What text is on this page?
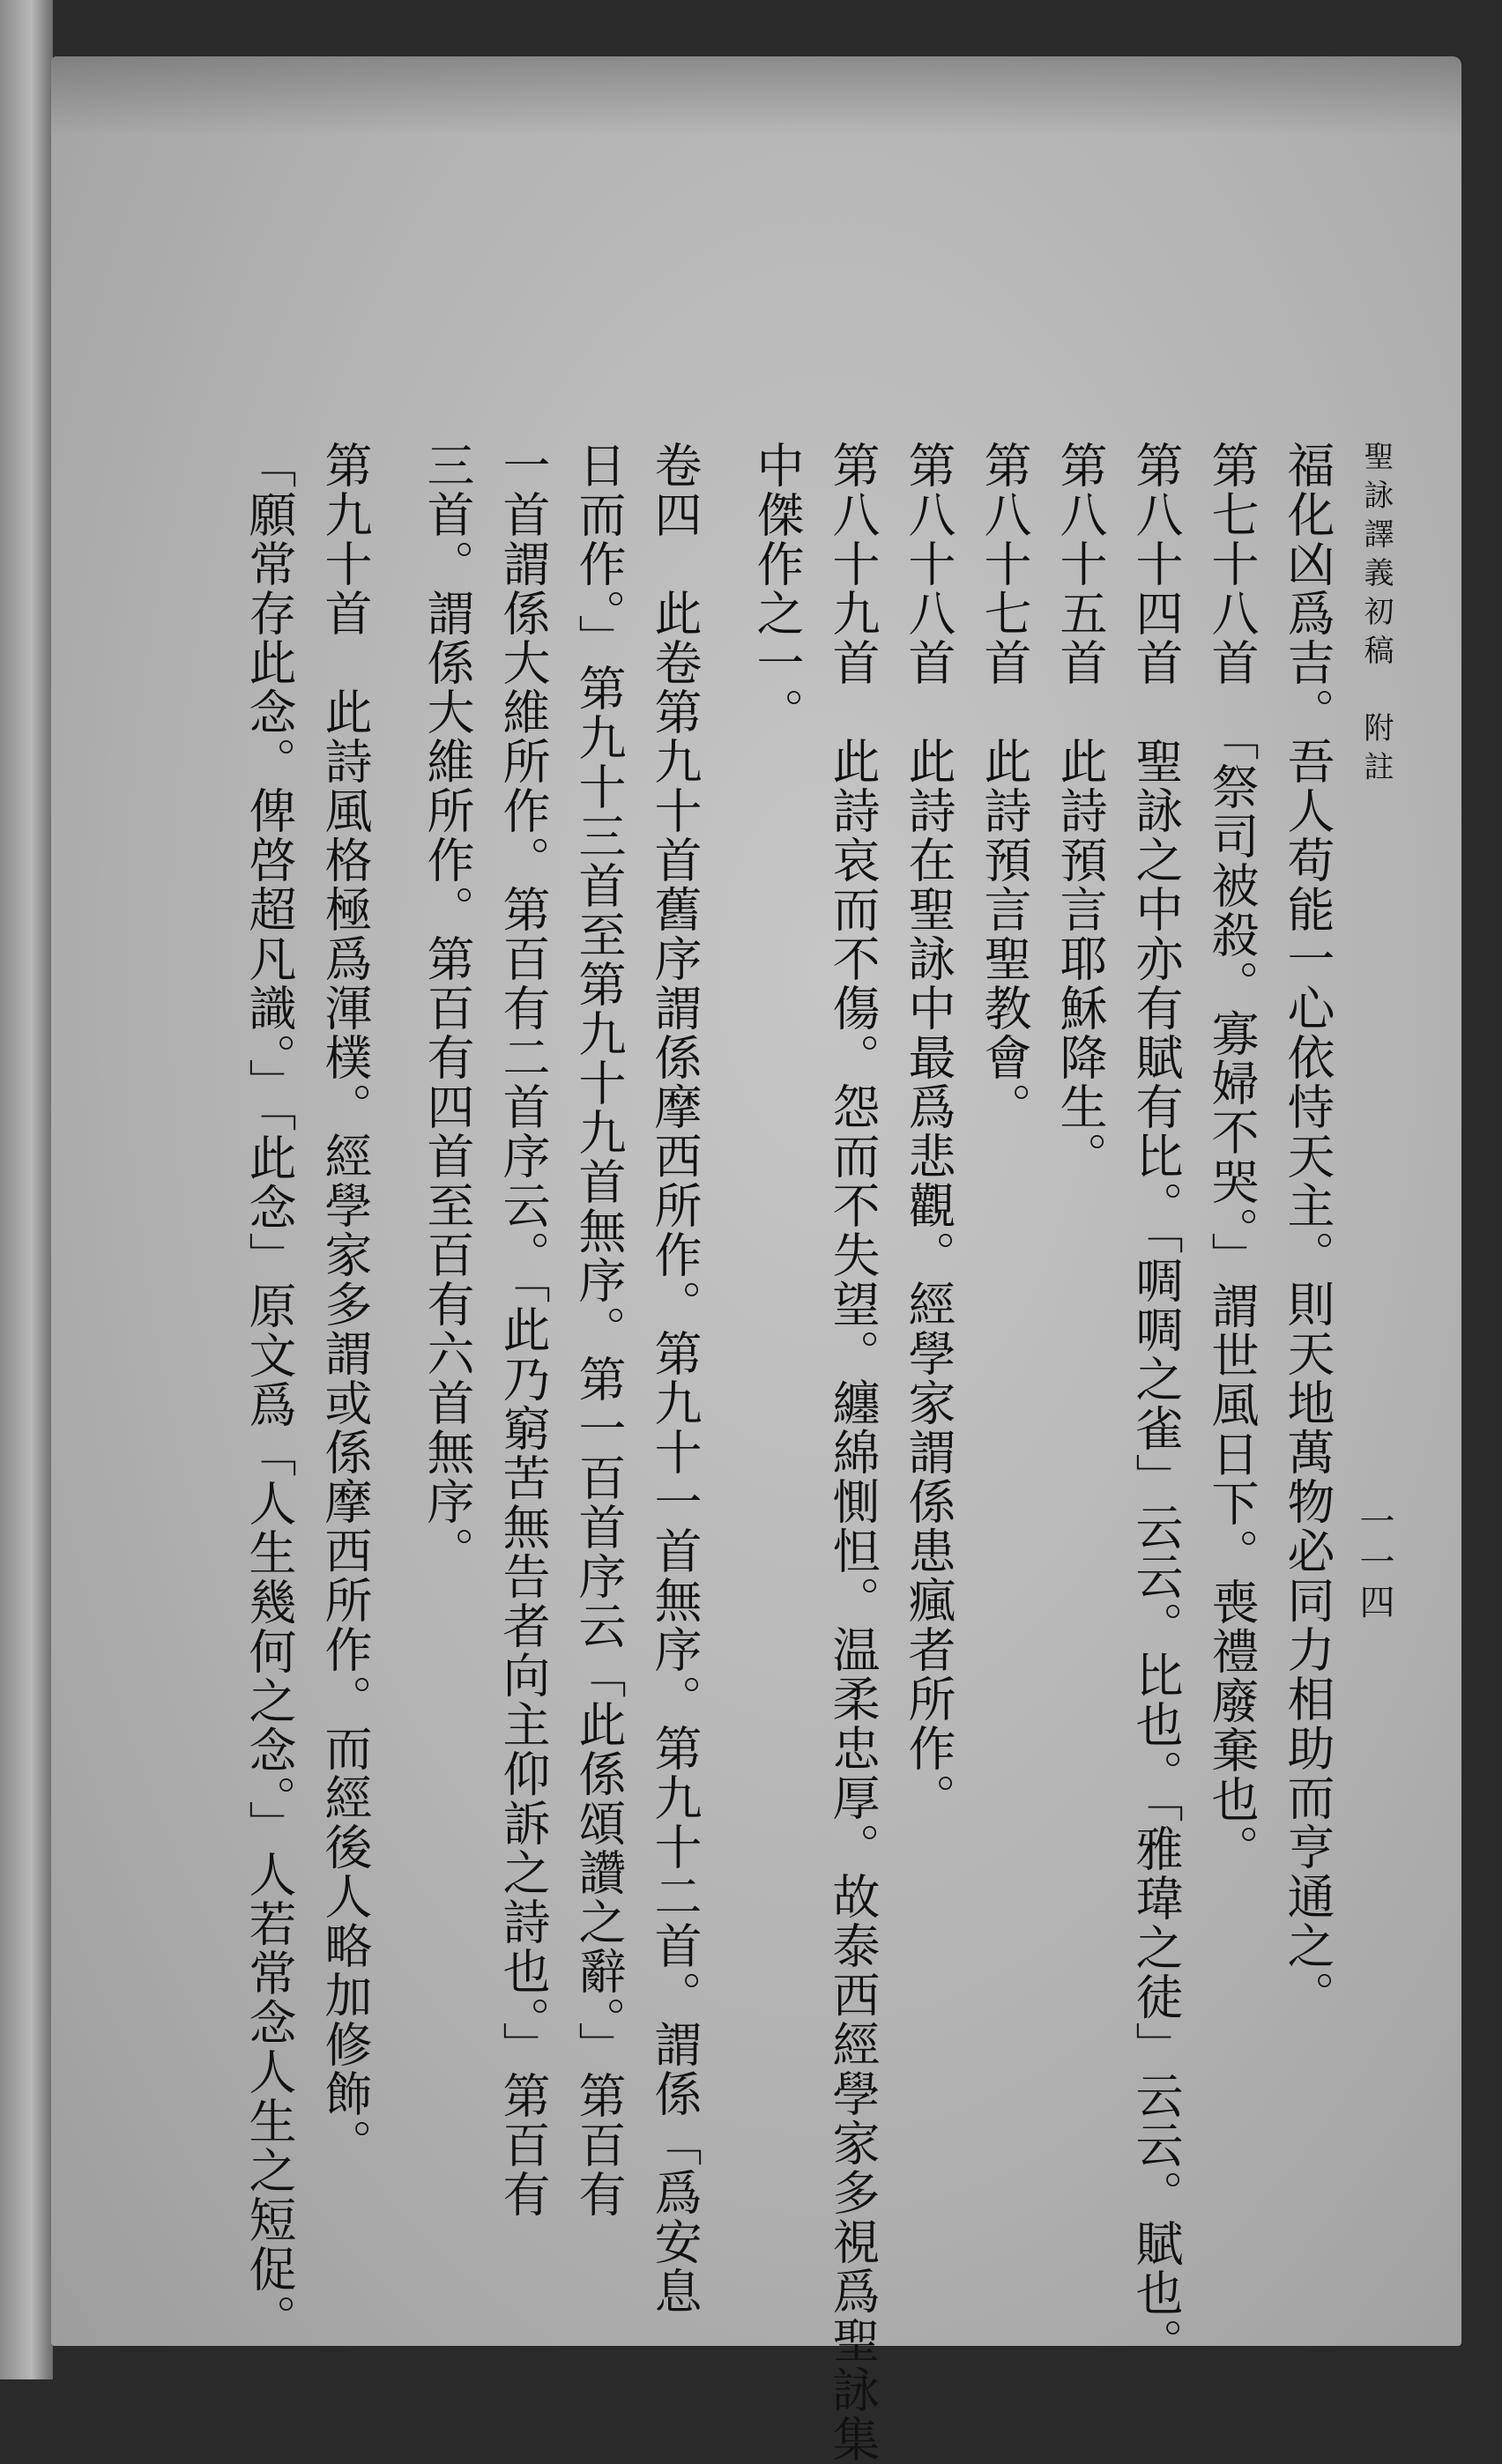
聖詠譯義初稿　附註
福化凶爲吉。吾人苟能一心依恃天主。則天地萬物必同力相助而亨通之。
第七十八首　「祭司被殺。寡婦不哭。」謂世風日下。喪禮廢棄也。
第八十四首　聖詠之中亦有賦有比。「啁啁之雀」云云。比也。「雅瑋之徒」云云。賦也。
第八十五首　此詩預言耶穌降生。
第八十七首　此詩預言聖教會。
第八十八首　此詩在聖詠中最爲悲觀。經學家謂係患瘋者所作。
第八十九首　此詩哀而不傷。怨而不失望。纏綿惻怛。温柔忠厚。故泰西經學家多視爲聖詠集
中傑作之一。
卷四　此卷第九十首舊序謂係摩西所作。第九十一首無序。第九十二首。謂係「爲安息
日而作。」第九十三首至第九十九首無序。第一百首序云「此係頌讚之辭。」第百有
一首謂係大維所作。第百有二首序云。「此乃窮苦無告者向主仰訴之詩也。」第百有
三首。謂係大維所作。第百有四首至百有六首無序。
第九十首　此詩風格極爲渾樸。經學家多謂或係摩西所作。而經後人略加修飾。
「願常存此念。俾啓超凡識。」「此念」原文爲「人生幾何之念。」人若常念人生之短促。	一一四
